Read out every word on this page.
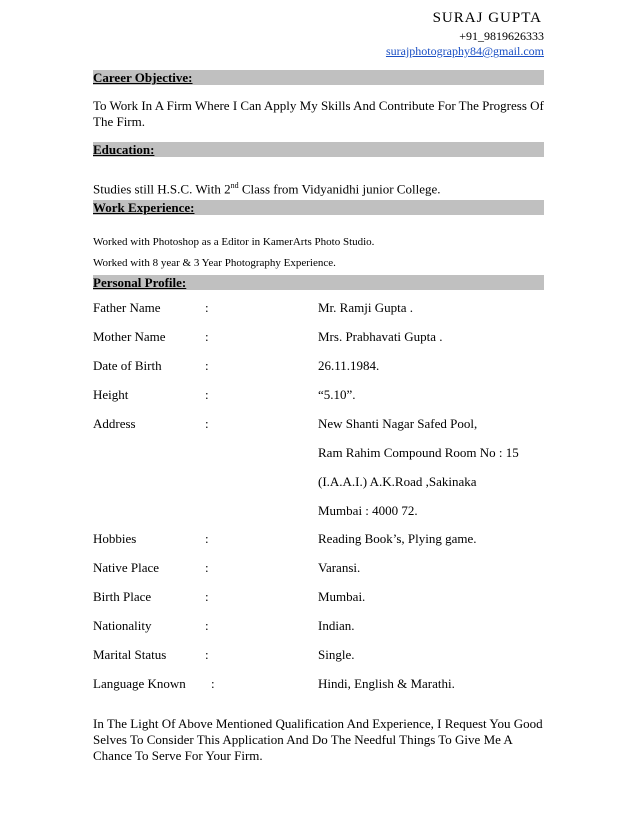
SURAJ GUPTA
+91_9819626333
surajphotography84@gmail.com
Career Objective:
To Work In A Firm Where I Can Apply My Skills And Contribute For The Progress Of The Firm.
Education:
Studies still H.S.C. With 2nd Class from Vidyanidhi junior College.
Work Experience:
Worked with Photoshop as a Editor in KamerArts Photo Studio.
Worked with 8 year & 3 Year Photography Experience.
Personal Profile:
Father Name	:	Mr. Ramji Gupta .
Mother Name	:	Mrs. Prabhavati Gupta .
Date of Birth	:	26.11.1984.
Height	:	“5.10”.
Address	:	New Shanti Nagar Safed Pool,
Ram Rahim Compound Room No : 15
(I.A.A.I.) A.K.Road ,Sakinaka
Mumbai : 4000 72.
Hobbies	:	Reading Book’s, Plying game.
Native Place	:	Varansi.
Birth Place	:	Mumbai.
Nationality	:	Indian.
Marital Status	:	Single.
Language Known :	Hindi, English & Marathi.
In The Light Of Above Mentioned Qualification And Experience, I Request You Good Selves To Consider This Application And Do The Needful Things To Give Me A Chance To Serve For Your Firm.
